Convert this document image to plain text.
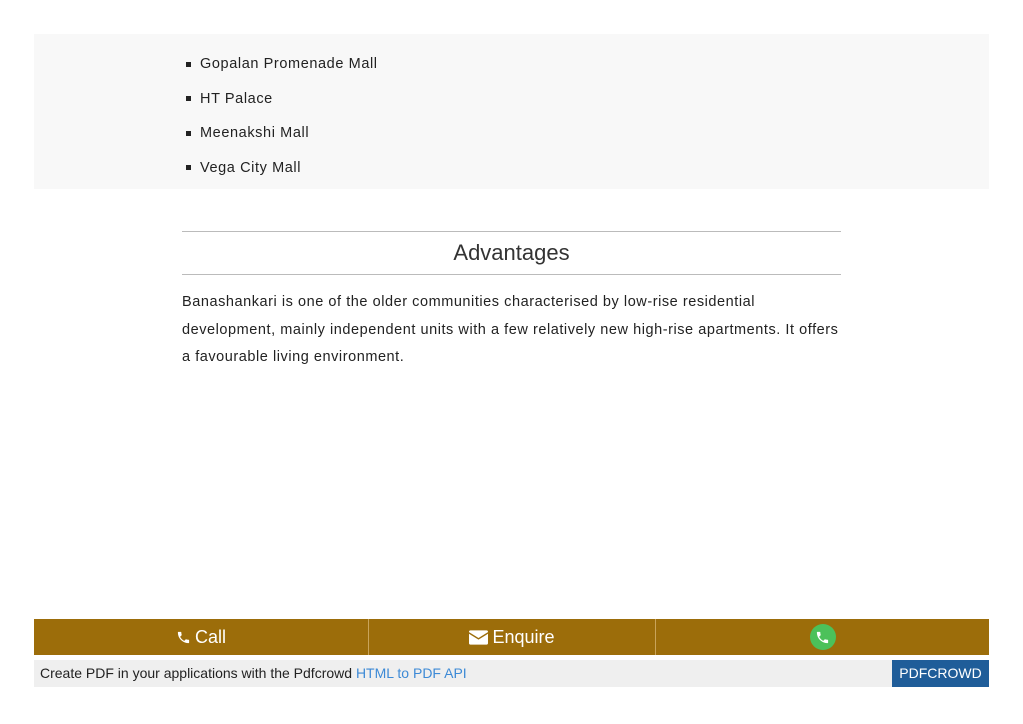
Gopalan Promenade Mall
HT Palace
Meenakshi Mall
Vega City Mall
Advantages

Banashankari is one of the older communities characterised by low-rise residential development, mainly independent units with a few relatively new high-rise apartments. It offers a favourable living environment.

Call	Enquire
Create PDF in your applications with the Pdfcrowd HTML to PDF API	PDFCROWD
